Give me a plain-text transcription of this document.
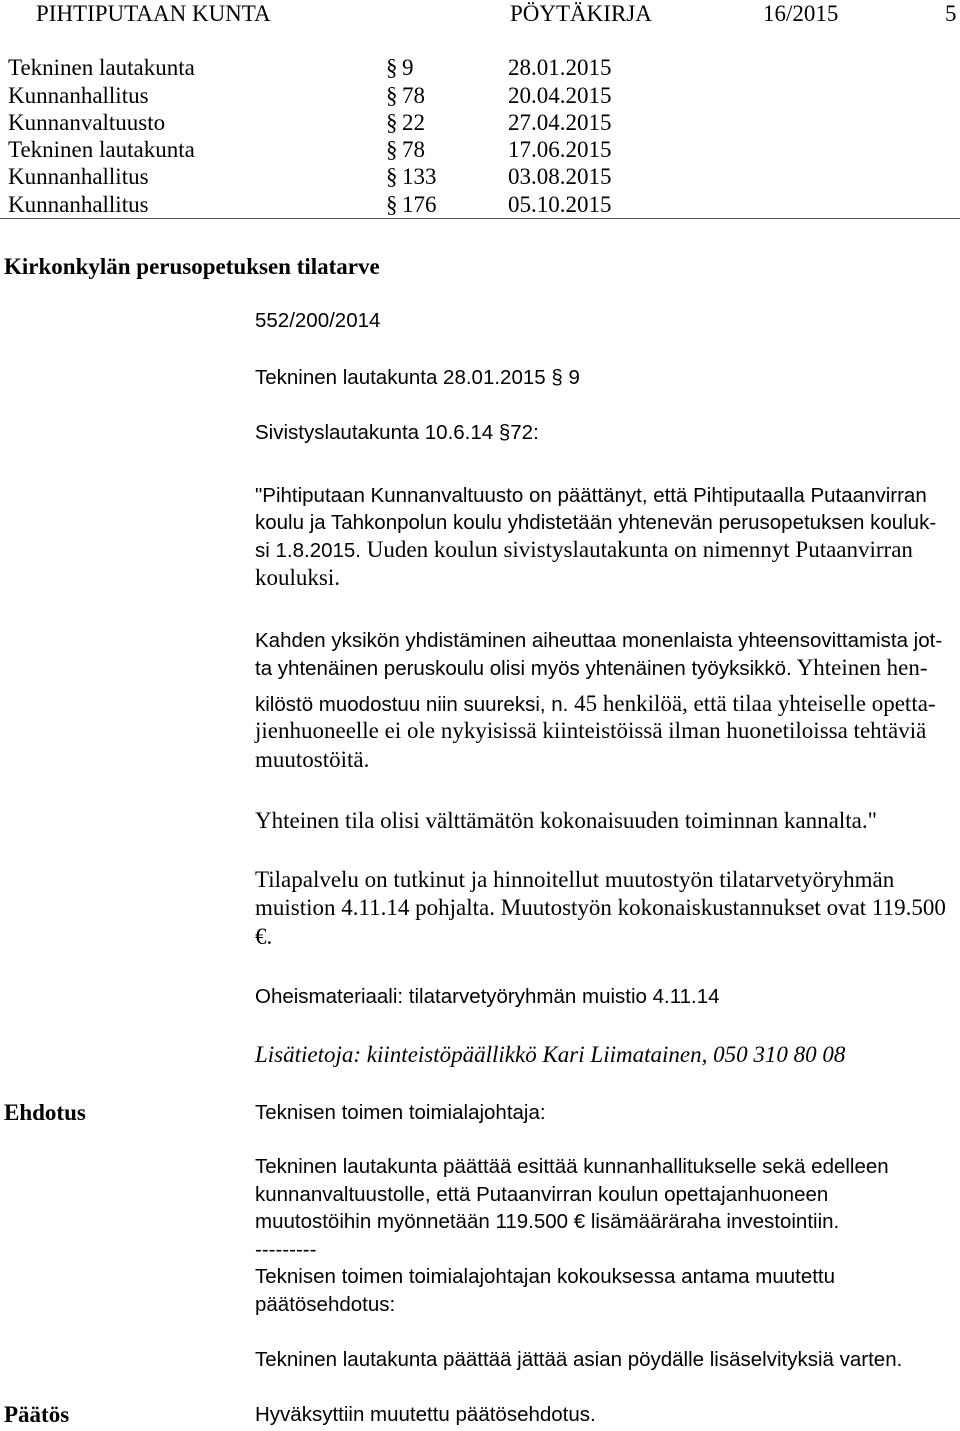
PIHTIPUTAAN KUNTA	PÖYTÄKIRJA	16/2015	5
Tekninen lautakunta	§ 9	28.01.2015
Kunnanhallitus	§ 78	20.04.2015
Kunnanvaltuusto	§ 22	27.04.2015
Tekninen lautakunta	§ 78	17.06.2015
Kunnanhallitus	§ 133	03.08.2015
Kunnanhallitus	§ 176	05.10.2015
Kirkonkylän perusopetuksen tilatarve
552/200/2014
Tekninen lautakunta 28.01.2015 § 9
Sivistyslautakunta 10.6.14 §72:
"Pihtiputaan Kunnanvaltuusto on päättänyt, että Pihtiputaalla Putaanvirran
koulu ja Tahkonpolun koulu yhdistetään yhtenevän perusopetuksen kouluk-
si 1.8.2015. Uuden koulun sivistyslautakunta on nimennyt Putaanvirran
kouluksi.
Kahden yksikön yhdistäminen aiheuttaa monenlaista yhteensovittamista jot-
ta yhtenäinen peruskoulu olisi myös yhtenäinen työyksikkö. Yhteinen hen-
kilöstö muodostuu niin suureksi, n. 45 henkilöä, että tilaa yhteiselle opetta-
jienhuoneelle ei ole nykyisissä kiinteistöissä ilman huonetiloissa tehtäviä
muutostöitä.
Yhteinen tila olisi välttämätön kokonaisuuden toiminnan kannalta."
Tilapalvelu on tutkinut ja hinnoitellut muutostyön tilatarvetyöryhmän
muistion 4.11.14 pohjalta. Muutostyön kokonaiskustannukset ovat 119.500
€.
Oheismateriaali: tilatarvetyöryhmän muistio 4.11.14
Lisätietoja: kiinteistöpäällikkö Kari Liimatainen, 050 310 80 08
Ehdotus	Teknisen toimen toimialajohtaja:
Tekninen lautakunta päättää esittää kunnanhallitukselle sekä edelleen
kunnanvaltuustolle, että Putaanvirran koulun opettajanhuoneen
muutostöihin myönnetään 119.500 € lisämääräraha investointiin.
---------
Teknisen toimen toimialajohtajan kokouksessa antama muutettu
päätösehdotus:
Tekninen lautakunta päättää jättää asian pöydälle lisäselvityksiä varten.
Päätös	Hyväksyttiin muutettu päätösehdotus.
